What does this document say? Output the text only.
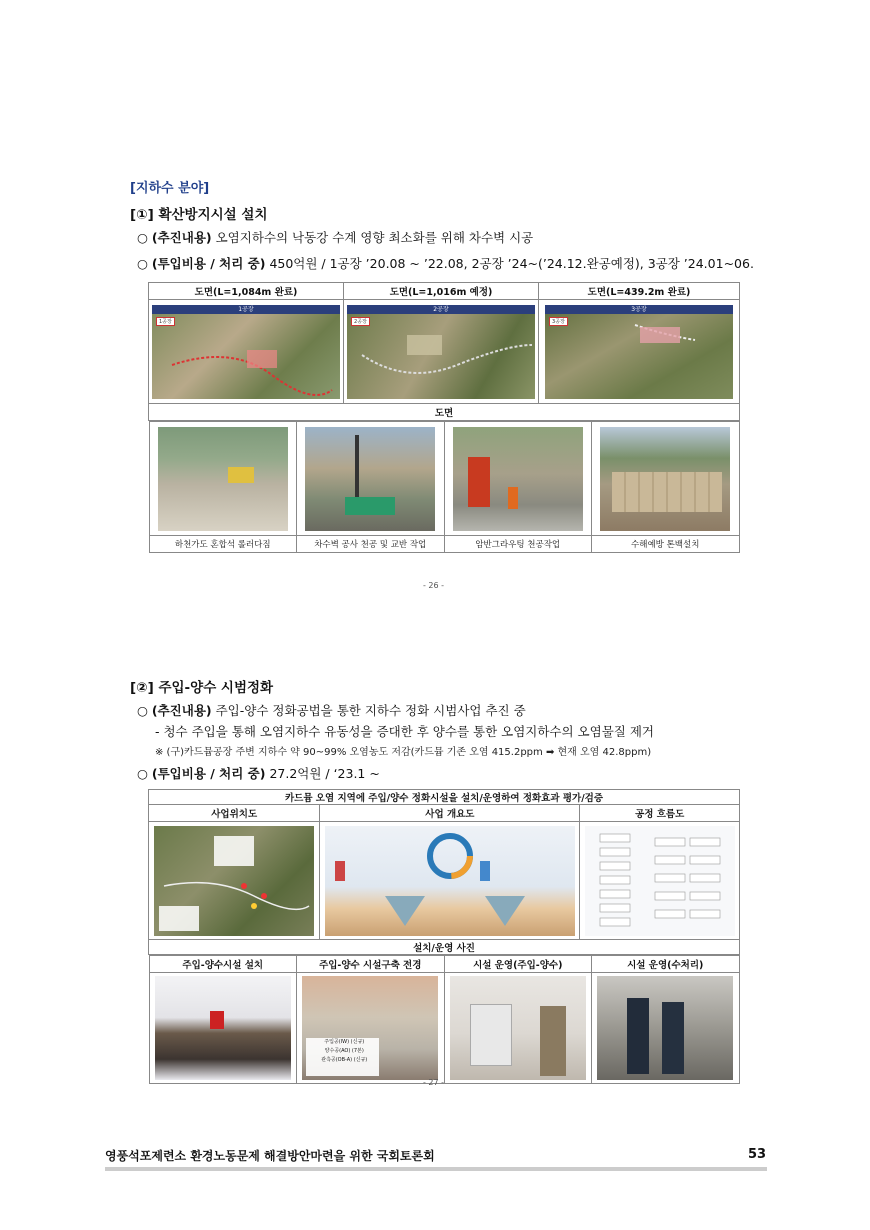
[지하수 분야]
[①] 확산방지시설 설치
○ (추진내용) 오염지하수의 낙동강 수계 영향 최소화를 위해 차수벽 시공
○ (투입비용 / 처리 중) 450억원 / 1공장 ’20.08 ~ ’22.08, 2공장 ’24~(’24.12.완공예정), 3공장 ’24.01~06.
도면(L=1,084m 완료)	도면(L=1,016m 예정)	도면(L=439.2m 완료)

1공장
1공장

2공장
2공장

3공장
3공장

도면

하천가도 혼합석 롤러다짐	차수벽 공사 천공 및 교반 작업	암반그라우팅 천공작업	수해예방 톤백설치
- 26 -
[②] 주입-양수 시범정화
○ (추진내용) 주입-양수 정화공법을 통한 지하수 정화 시범사업 추진 중
- 청수 주입을 통해 오염지하수 유동성을 증대한 후 양수를 통한 오염지하수의 오염물질 제거
※ (구)카드뮴공장 주변 지하수 약 90~99% 오염농도 저감(카드뮴 기존 오염 415.2ppm ➡ 현재 오염 42.8ppm)
○ (투입비용 / 처리 중) 27.2억원 / ‘23.1 ~
카드뮴 오염 지역에 주입/양수 정화시설을 설치/운영하여 정화효과 평가/검증
사업위치도	사업 개요도	공정 흐름도

설치/운영 사진

주입-양수시설 설치	주입-양수 시설구축 전경	시설 운영(주입-양수)	시설 운영(수처리)

주입공(IW) (신규)
양수공(AO) (7본)
관측공(OB-A) (신규)

- 27 -
영풍석포제련소 환경노동문제 해결방안마련을 위한 국회토론회	53
